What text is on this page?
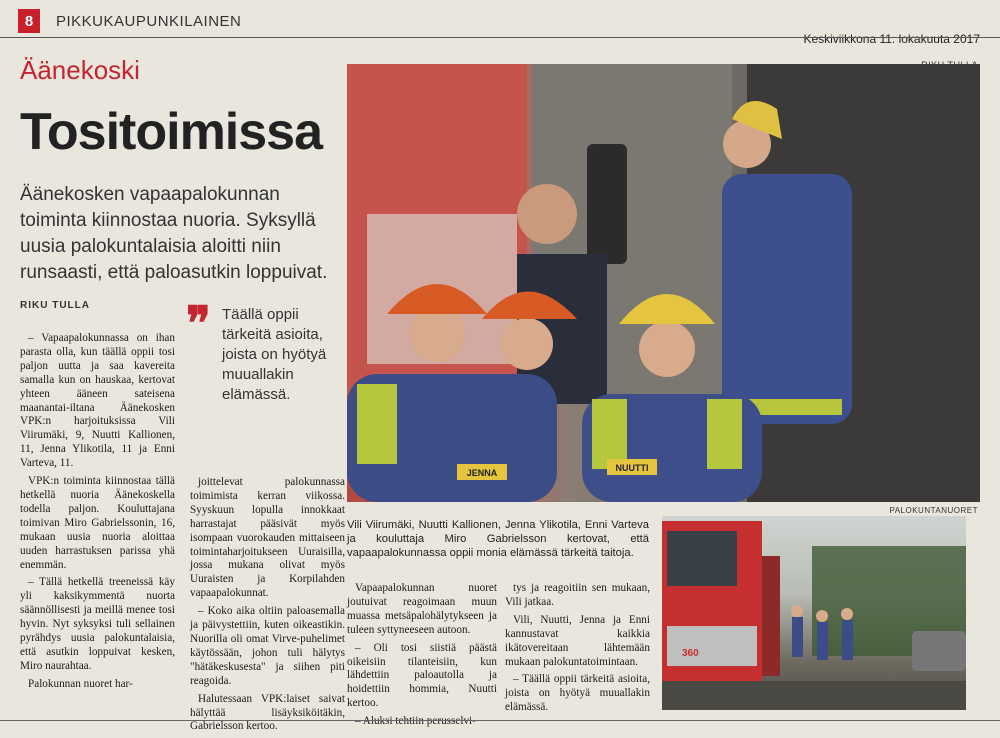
8	PIKKUKAUPUNKILAINEN
Keskiviikkona 11. lokakuuta 2017
Äänekoski
Tositoimissa
Äänekosken vapaapalokunnan toiminta kiinnostaa nuoria. Syksyllä uusia palokuntalaisia aloitti niin runsaasti, että paloasutkin loppuivat.
RIKU TULLA ❞ Täällä oppii tärkeitä asioita, joista on hyötyä muuallakin elämässä.

– Vapaapalokunnassa on ihan parasta olla, kun täällä oppii tosi paljon uutta ja saa kavereita samalla kun on hauskaa, kertovat yhteen ääneen sateisena maanantai-iltana Äänekosken VPK:n harjoituksissa Vili Viirumäki, 9, Nuutti Kallionen, 11, Jenna Ylikotila, 11 ja Enni Varteva, 11.

VPK:n toiminta kiinnostaa tällä hetkellä nuoria Äänekoskella todella paljon. Kouluttajana toimivan Miro Gabrielssonin, 16, mukaan uusia nuoria aloittaa uuden harrastuksen parissa yhä enemmän.

– Tällä hetkellä treeneissä käy yli kaksikymmentä nuorta säännöllisesti ja meillä menee tosi hyvin. Nyt syksyksi tuli sellainen pyrähdys uusia palokuntalaisia, että asutkin loppuivat kesken, Miro naurahtaa.

Palokunnan nuoret har-

joittelevat palokunnassa toimimista kerran viikossa. Syyskuun lopulla innokkaat harrastajat pääsivät myös isompaan vuorokauden mittaiseen toimintaharjoitukseen Uuraisilla, jossa mukana olivat myös Uuraisten ja Korpilahden vapaapalokunnat.

– Koko aika oltiin paloasemalla ja päivystettiin, kuten oikeastikin. Nuorilla oli omat Virve-puhelimet käytössään, johon tuli hälytys "hätäkeskusesta" ja siihen piti reagoida.

Halutessaan VPK:laiset saivat hälyttää lisäyksiköitäkin, Gabrielsson kertoo.

JENNA	NUUTTI
PALOKUNTANUORET
Vili Viirumäki, Nuutti Kallionen, Jenna Ylikotila, Enni Varteva ja kouluttaja Miro Gabrielsson kertovat, että vapaapalokunnassa oppii monia elämässä tärkeitä taitoja.

Vapaapalokunnan nuoret joutuivat reagoimaan muun muassa metsäpalohälytykseen ja tuleen syttyneeseen autoon.

– Oli tosi siistiä päästä oikeisiin tilanteisiin, kun lähdettiin paloautolla ja hoidettiin hommia, Nuutti kertoo.

– Aluksi tehtiin perusselvi-

tys ja reagoitiin sen mukaan, Vili jatkaa.

Vili, Nuutti, Jenna ja Enni kannustavat kaikkia ikätovereitaan lähtemään mukaan palokuntatoimintaan.

– Täällä oppii tärkeitä asioita, joista on hyötyä muuallakin elämässä.

360
